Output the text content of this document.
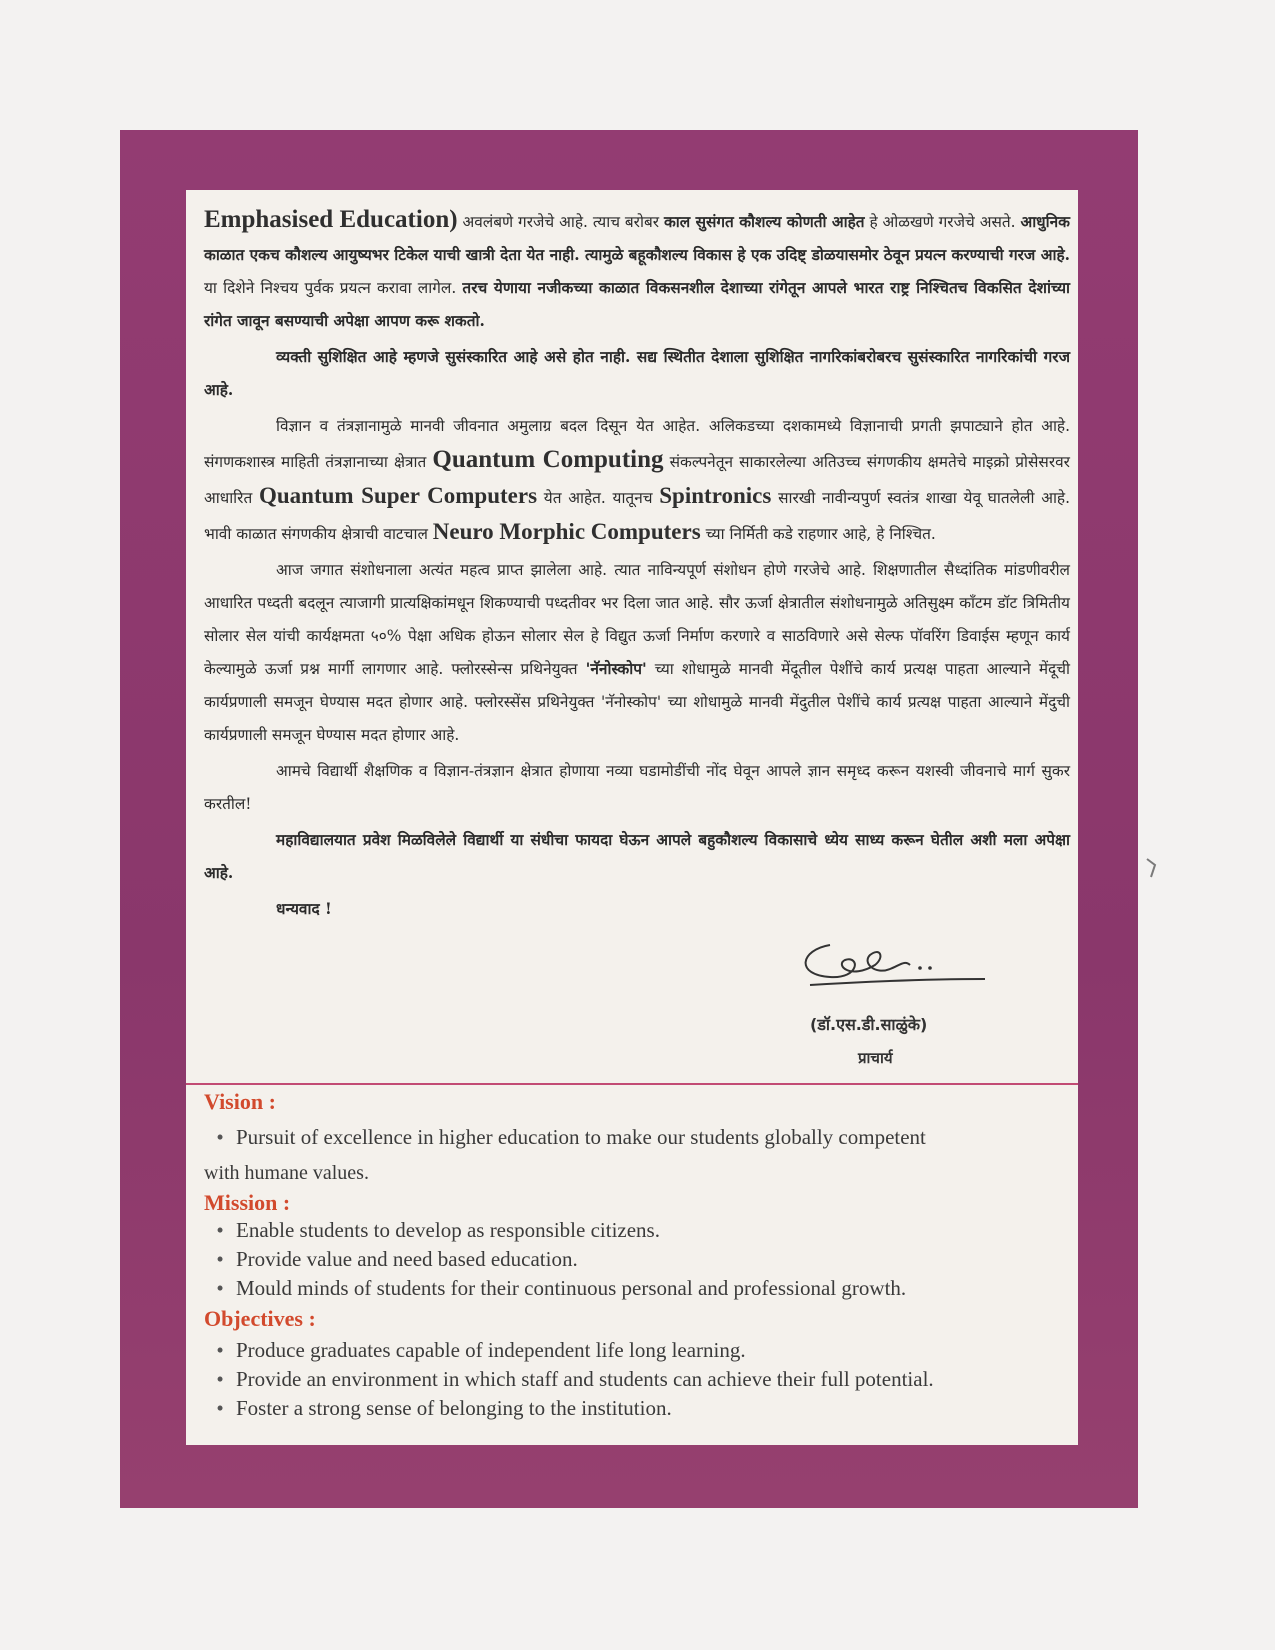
Emphasised Education) अवलंबणे गरजेचे आहे. त्याच बरोबर काल सुसंगत कौशल्य कोणती आहेत हे ओळखणे गरजेचे असते. आधुनिक काळात एकच कौशल्य आयुष्यभर टिकेल याची खात्री देता येत नाही. त्यामुळे बहूकौशल्य विकास हे एक उदिष्ट् डोळयासमोर ठेवून प्रयत्न करण्याची गरज आहे. या दिशेने निश्चय पुर्वक प्रयत्न करावा लागेल. तरच येणाया नजीकच्या काळात विकसनशील देशाच्या रांगेतून आपले भारत राष्ट्र निश्चितच विकसित देशांच्या रांगेत जावून बसण्याची अपेक्षा आपण करू शकतो.

व्यक्ती सुशिक्षित आहे म्हणजे सुसंस्कारित आहे असे होत नाही. सद्य स्थितीत देशाला सुशिक्षित नागरिकांबरोबरच सुसंस्कारित नागरिकांची गरज आहे.

विज्ञान व तंत्रज्ञानामुळे मानवी जीवनात अमुलाग्र बदल दिसून येत आहेत. अलिकडच्या दशकामध्ये विज्ञानाची प्रगती झपाट्याने होत आहे. संगणकशास्त्र माहिती तंत्रज्ञानाच्या क्षेत्रात Quantum Computing संकल्पनेतून साकारलेल्या अतिउच्च संगणकीय क्षमतेचे माइक्रो प्रोसेसरवर आधारित Quantum Super Computers येत आहेत. यातूनच Spintronics सारखी नावीन्यपुर्ण स्वतंत्र शाखा येवू घातलेली आहे. भावी काळात संगणकीय क्षेत्राची वाटचाल Neuro Morphic Computers च्या निर्मिती कडे राहणार आहे, हे निश्चित.

आज जगात संशोधनाला अत्यंत महत्व प्राप्त झालेला आहे. त्यात नाविन्यपूर्ण संशोधन होणे गरजेचे आहे. शिक्षणातील सैध्दांतिक मांडणीवरील आधारित पध्दती बदलून त्याजागी प्रात्यक्षिकांमधून शिकण्याची पध्दतीवर भर दिला जात आहे. सौर ऊर्जा क्षेत्रातील संशोधनामुळे अतिसुक्ष्म कॉंटम डॉट त्रिमितीय सोलार सेल यांची कार्यक्षमता ५०% पेक्षा अधिक होऊन सोलार सेल हे विद्युत ऊर्जा निर्माण करणारे व साठविणारे असे सेल्फ पॉवरिंग डिवाईस म्हणून कार्य केल्यामुळे ऊर्जा प्रश्न मार्गी लागणार आहे. फ्लोरस्सेन्स प्रथिनेयुक्त 'नॅनोस्कोप' च्या शोधामुळे मानवी मेंदूतील पेशींचे कार्य प्रत्यक्ष पाहता आल्याने मेंदूची कार्यप्रणाली समजून घेण्यास मदत होणार आहे. फ्लोरस्सेंस प्रथिनेयुक्त 'नॅनोस्कोप' च्या शोधामुळे मानवी मेंदुतील पेशींचे कार्य प्रत्यक्ष पाहता आल्याने मेंदुची कार्यप्रणाली समजून घेण्यास मदत होणार आहे.

आमचे विद्यार्थी शैक्षणिक व विज्ञान-तंत्रज्ञान क्षेत्रात होणाया नव्या घडामोडींची नोंद घेवून आपले ज्ञान समृध्द करून यशस्वी जीवनाचे मार्ग सुकर करतील!

महाविद्यालयात प्रवेश मिळविलेले विद्यार्थी या संधीचा फायदा घेऊन आपले बहुकौशल्य विकासाचे ध्येय साध्य करून घेतील अशी मला अपेक्षा आहे.

धन्यवाद !

(डॉ.एस.डी.साळुंके)
प्राचार्य
Vision :
• Pursuit of excellence in higher education to make our students globally competent
with humane values.
Mission :
• Enable students to develop as responsible citizens.
• Provide value and need based education.
• Mould minds of students for their continuous personal and professional growth.
Objectives :
• Produce graduates capable of independent life long learning.
• Provide an environment in which staff and students can achieve their full potential.
• Foster a strong sense of belonging to the institution.
